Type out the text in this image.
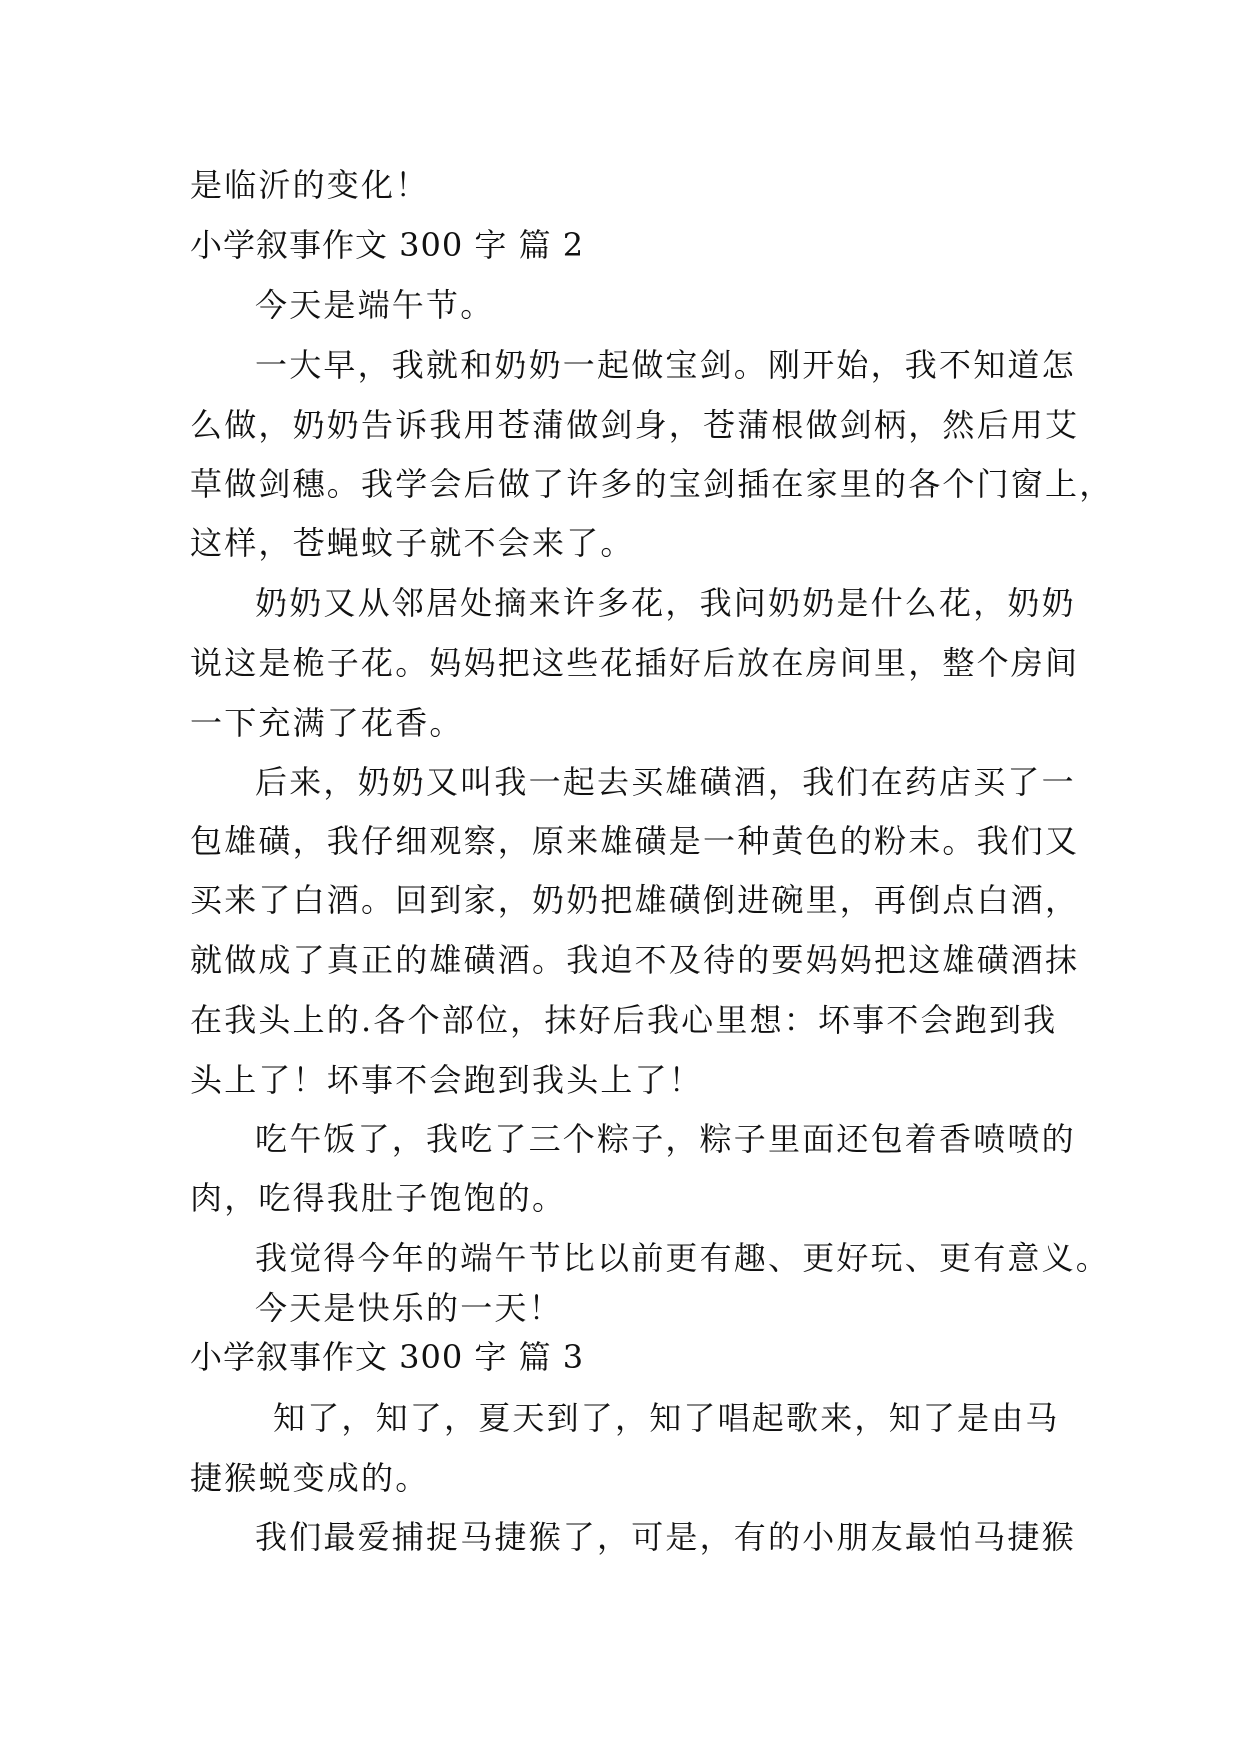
是临沂的变化！
小学叙事作文 300 字 篇 2
今天是端午节。
一大早，我就和奶奶一起做宝剑。刚开始，我不知道怎
么做，奶奶告诉我用苍蒲做剑身，苍蒲根做剑柄，然后用艾
草做剑穗。我学会后做了许多的宝剑插在家里的各个门窗上，
这样，苍蝇蚊子就不会来了。
奶奶又从邻居处摘来许多花，我问奶奶是什么花，奶奶
说这是桅子花。妈妈把这些花插好后放在房间里，整个房间
一下充满了花香。
后来，奶奶又叫我一起去买雄磺酒，我们在药店买了一
包雄磺，我仔细观察，原来雄磺是一种黄色的粉末。我们又
买来了白酒。回到家，奶奶把雄磺倒进碗里，再倒点白酒，
就做成了真正的雄磺酒。我迫不及待的要妈妈把这雄磺酒抹
在我头上的.各个部位，抹好后我心里想：坏事不会跑到我
头上了！坏事不会跑到我头上了！
吃午饭了，我吃了三个粽子，粽子里面还包着香喷喷的
肉，吃得我肚子饱饱的。
我觉得今年的端午节比以前更有趣、更好玩、更有意义。
今天是快乐的一天！
小学叙事作文 300 字 篇 3
知了，知了，夏天到了，知了唱起歌来，知了是由马
捷猴蜕变成的。
我们最爱捕捉马捷猴了，可是，有的小朋友最怕马捷猴
